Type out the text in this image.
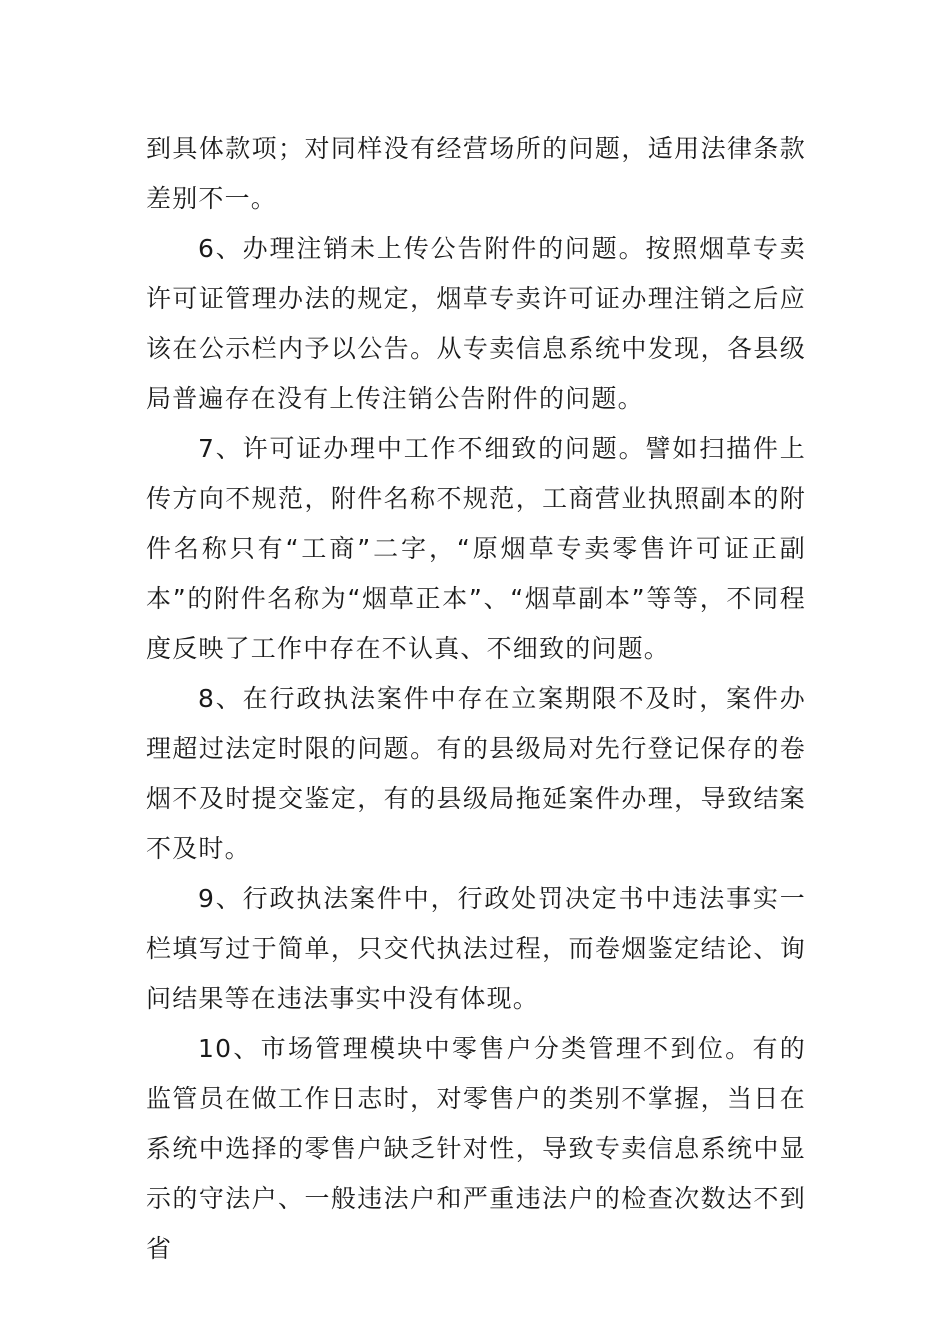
到具体款项；对同样没有经营场所的问题，适用法律条款差别不一。

6、办理注销未上传公告附件的问题。按照烟草专卖许可证管理办法的规定，烟草专卖许可证办理注销之后应该在公示栏内予以公告。从专卖信息系统中发现，各县级局普遍存在没有上传注销公告附件的问题。

7、许可证办理中工作不细致的问题。譬如扫描件上传方向不规范，附件名称不规范，工商营业执照副本的附件名称只有“工商”二字，“原烟草专卖零售许可证正副本”的附件名称为“烟草正本”、“烟草副本”等等，不同程度反映了工作中存在不认真、不细致的问题。

8、在行政执法案件中存在立案期限不及时，案件办理超过法定时限的问题。有的县级局对先行登记保存的卷烟不及时提交鉴定，有的县级局拖延案件办理，导致结案不及时。

9、行政执法案件中，行政处罚决定书中违法事实一栏填写过于简单，只交代执法过程，而卷烟鉴定结论、询问结果等在违法事实中没有体现。

10、市场管理模块中零售户分类管理不到位。有的监管员在做工作日志时，对零售户的类别不掌握，当日在系统中选择的零售户缺乏针对性，导致专卖信息系统中显示的守法户、一般违法户和严重违法户的检查次数达不到省
